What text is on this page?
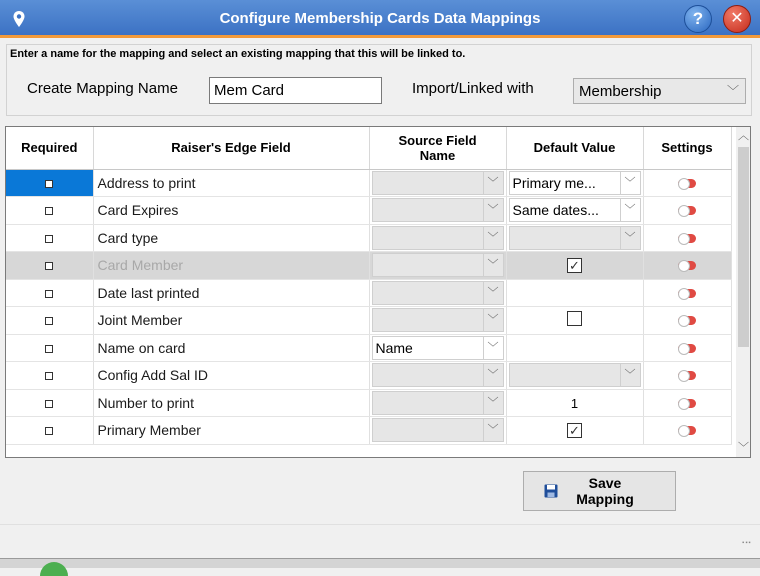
Configure Membership Cards Data Mappings	?	✕
Enter a name for the mapping and select an existing mapping that this will be linked to.
Create Mapping Name
Mem Card	Import/Linked with	Membership	﹀
Required	Raiser's Edge Field	Source Field Name	Default Value	Settings
	Address to print	﹀	Primary me... ﹀	

	Card Expires	﹀	Same dates... ﹀	

	Card type	﹀	﹀	

	Card Member	﹀	✓	
	Date last printed	﹀		

	Joint Member	﹀		

	Name on card	Name ﹀		

	Config Add Sal ID	﹀	﹀	

	Number to print	﹀	1	
	Primary Member	﹀	✓	
︿
﹀
Save
Mapping
⠠⠤
